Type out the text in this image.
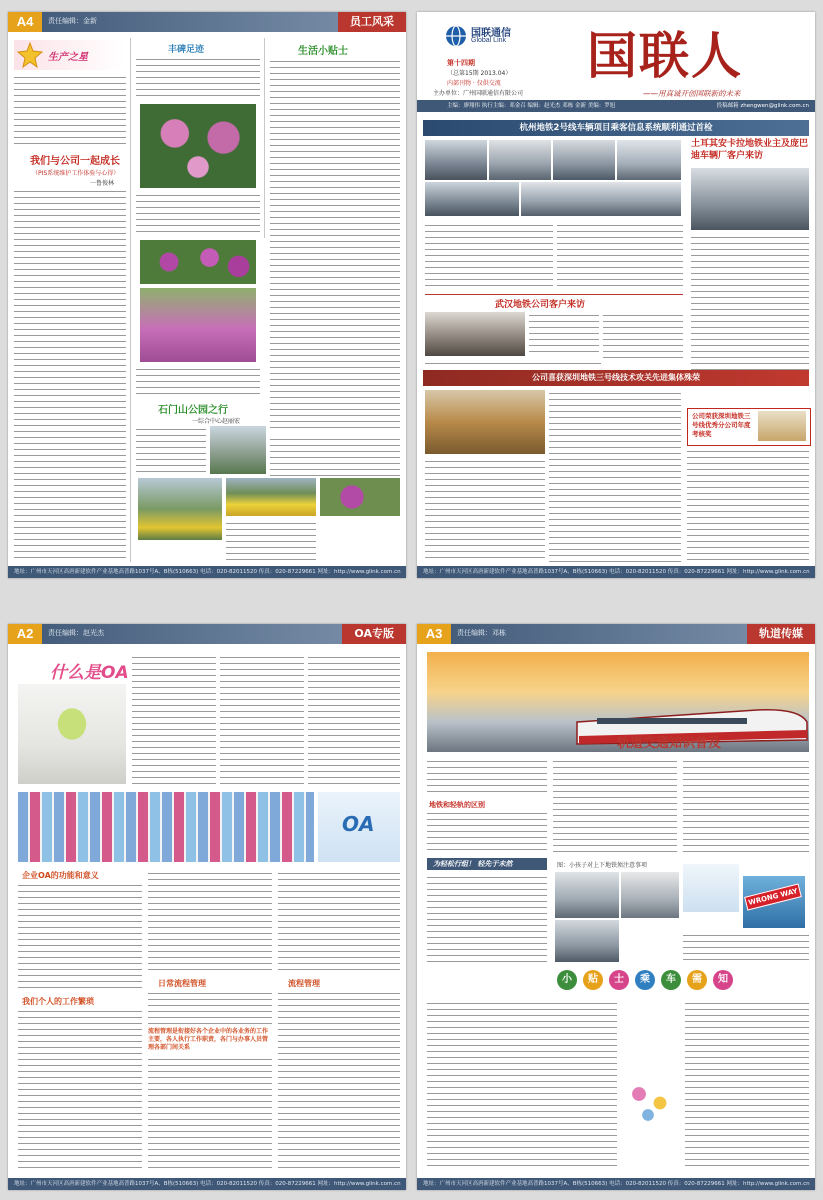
A4	责任编辑：金新	员工风采
生产之星
我们与公司一起成长
（PIS系统维护工作体验与心得）
一鲁俊林
丰碑足迹
石门山公园之行
一综合中心赵丽宏
生活小贴士
地址：广州市天河区高唐新建软件产业基地高普路1037号A、B栋(510663) 电话：020-82011520 传真：020-87229661 网址：http://www.glink.com.cn
国联通信
Global Link
第十四期
（总第15期 2013.04）
内部刊物 · 仅供交流
主办单位：广州国联通信有限公司
国联人
——用真诚开创国联新的未来
主编：廖翔伟 执行主编：邓金召 编辑：赵光杰 邓栋 金新 美编：罗旭	投稿邮箱 zhengwen@glink.com.cn
杭州地铁2号线车辆项目乘客信息系统顺利通过首检
土耳其安卡拉地铁业主及庞巴迪车辆厂客户来访
武汉地铁公司客户来访
公司喜获深圳地铁三号线技术攻关先进集体殊荣
公司荣获深圳地铁三号线优秀分公司年度考核奖
地址：广州市天河区高唐新建软件产业基地高普路1037号A、B栋(510663) 电话：020-82011520 传真：020-87229661 网址：http://www.glink.com.cn
A2	责任编辑：赵光杰	OA专版
什么是OA
OA
企业OA的功能和意义
我们个人的工作繁琐
日常流程管理
流程管理是衔接好各个企业中的各业务的工作主要，各人执行工作职责，各门与办事人员管理各部门间关系
流程管理
地址：广州市天河区高唐新建软件产业基地高普路1037号A、B栋(510663) 电话：020-82011520 传真：020-87229661 网址：http://www.glink.com.cn
A3	责任编辑：邓栋	轨道传媒
轨道交通知识普及
地铁和轻轨的区别
为轻松行组！ 轻先于未然	图：小孩子对上下地铁须注意事项
WRONG WAY
小	贴	士	乘	车	需	知
地址：广州市天河区高唐新建软件产业基地高普路1037号A、B栋(510663) 电话：020-82011520 传真：020-87229661 网址：http://www.glink.com.cn
